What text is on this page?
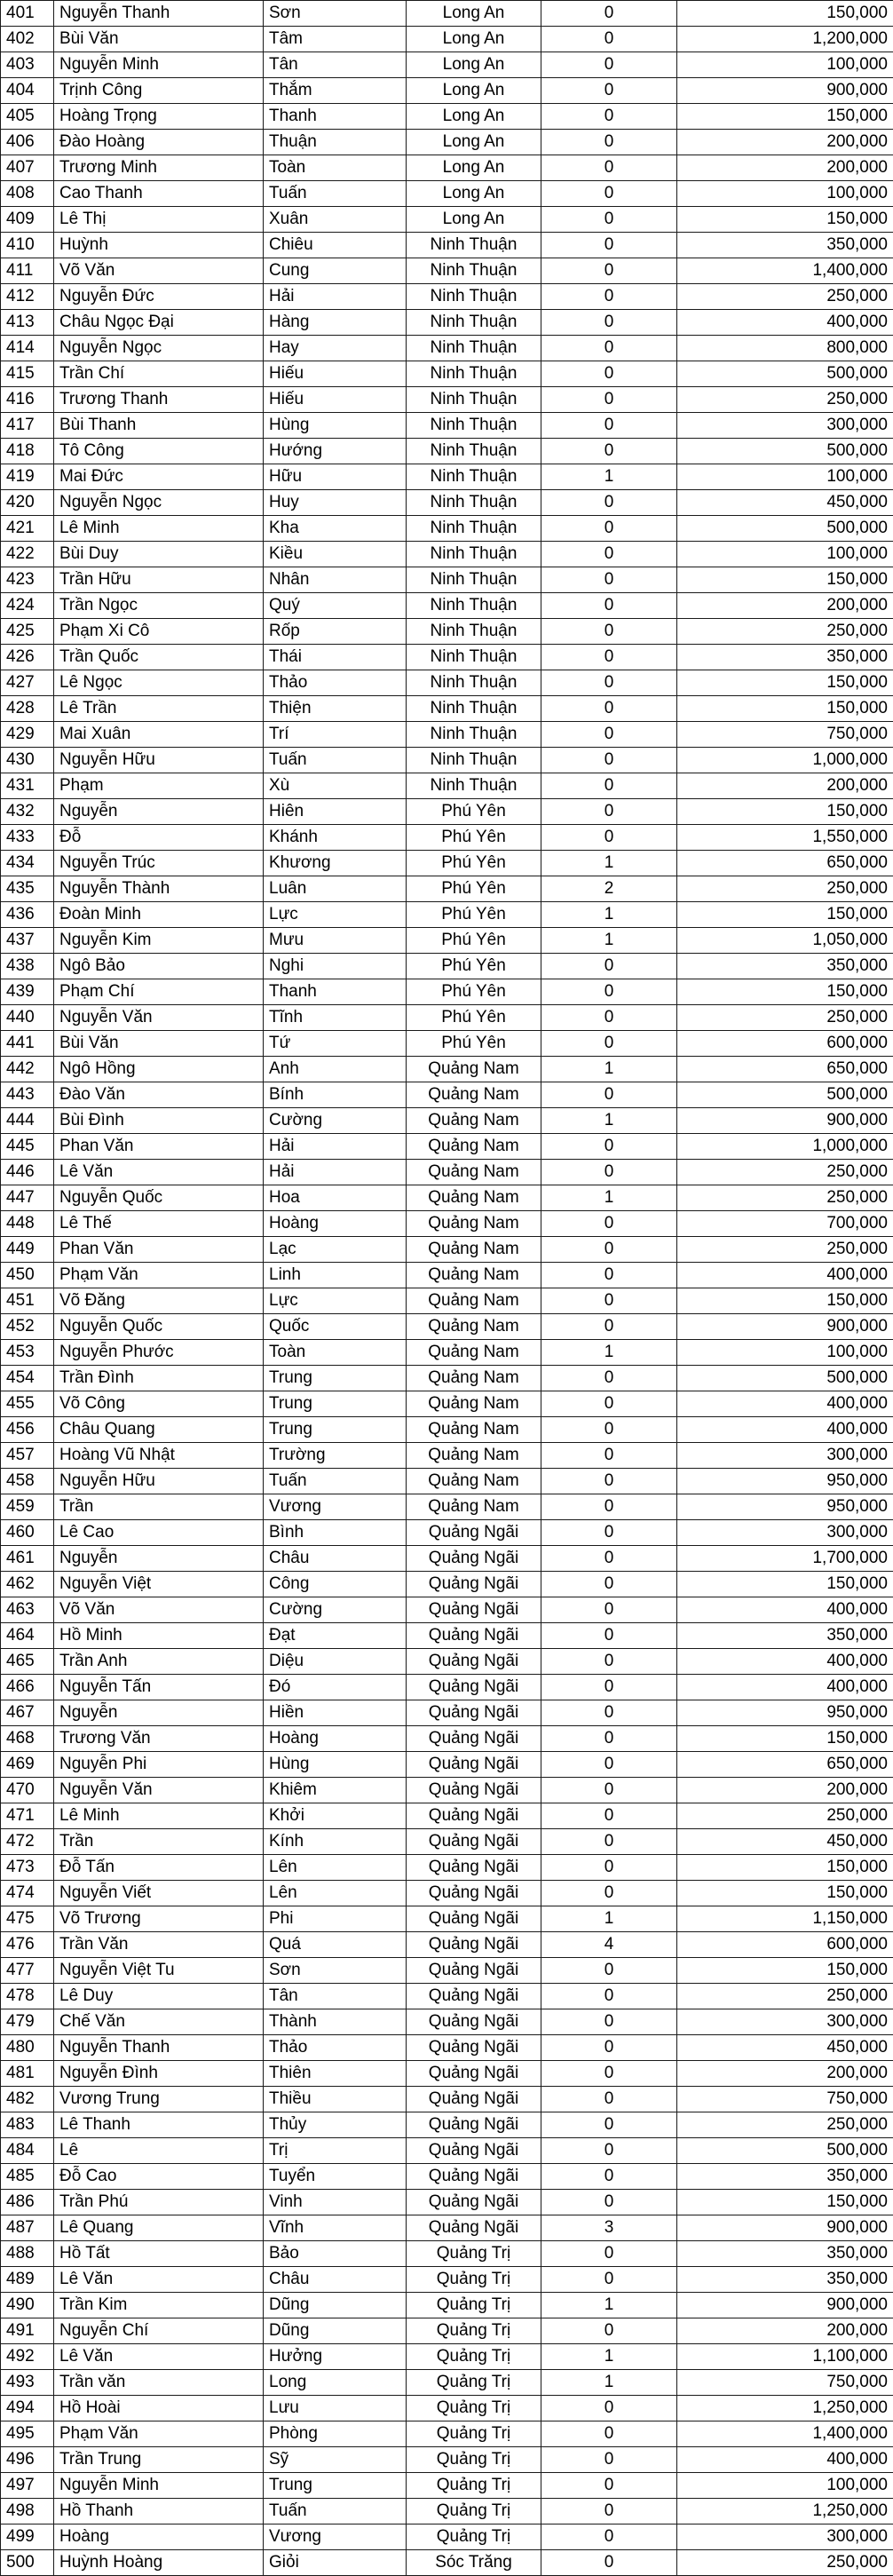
401	Nguyễn Thanh	Sơn	Long An	0	150,000
402	Bùi Văn	Tâm	Long An	0	1,200,000
403	Nguyễn Minh	Tân	Long An	0	100,000
404	Trịnh Công	Thắm	Long An	0	900,000
405	Hoàng Trọng	Thanh	Long An	0	150,000
406	Đào Hoàng	Thuận	Long An	0	200,000
407	Trương Minh	Toàn	Long An	0	200,000
408	Cao Thanh	Tuấn	Long An	0	100,000
409	Lê Thị	Xuân	Long An	0	150,000
410	Huỳnh	Chiêu	Ninh Thuận	0	350,000
411	Võ Văn	Cung	Ninh Thuận	0	1,400,000
412	Nguyễn Đức	Hải	Ninh Thuận	0	250,000
413	Châu Ngọc Đại	Hàng	Ninh Thuận	0	400,000
414	Nguyễn Ngọc	Hay	Ninh Thuận	0	800,000
415	Trần Chí	Hiếu	Ninh Thuận	0	500,000
416	Trương Thanh	Hiếu	Ninh Thuận	0	250,000
417	Bùi Thanh	Hùng	Ninh Thuận	0	300,000
418	Tô Công	Hướng	Ninh Thuận	0	500,000
419	Mai Đức	Hữu	Ninh Thuận	1	100,000
420	Nguyễn Ngọc	Huy	Ninh Thuận	0	450,000
421	Lê Minh	Kha	Ninh Thuận	0	500,000
422	Bùi Duy	Kiều	Ninh Thuận	0	100,000
423	Trần Hữu	Nhân	Ninh Thuận	0	150,000
424	Trần Ngọc	Quý	Ninh Thuận	0	200,000
425	Phạm Xi Cô	Rốp	Ninh Thuận	0	250,000
426	Trần Quốc	Thái	Ninh Thuận	0	350,000
427	Lê Ngọc	Thảo	Ninh Thuận	0	150,000
428	Lê Trần	Thiện	Ninh Thuận	0	150,000
429	Mai Xuân	Trí	Ninh Thuận	0	750,000
430	Nguyễn Hữu	Tuấn	Ninh Thuận	0	1,000,000
431	Phạm	Xù	Ninh Thuận	0	200,000
432	Nguyễn	Hiên	Phú Yên	0	150,000
433	Đỗ	Khánh	Phú Yên	0	1,550,000
434	Nguyễn Trúc	Khương	Phú Yên	1	650,000
435	Nguyễn Thành	Luân	Phú Yên	2	250,000
436	Đoàn Minh	Lực	Phú Yên	1	150,000
437	Nguyễn Kim	Mưu	Phú Yên	1	1,050,000
438	Ngô Bảo	Nghi	Phú Yên	0	350,000
439	Phạm Chí	Thanh	Phú Yên	0	150,000
440	Nguyễn Văn	Tĩnh	Phú Yên	0	250,000
441	Bùi Văn	Tứ	Phú Yên	0	600,000
442	Ngô Hồng	Anh	Quảng Nam	1	650,000
443	Đào Văn	Bính	Quảng Nam	0	500,000
444	Bùi Đình	Cường	Quảng Nam	1	900,000
445	Phan Văn	Hải	Quảng Nam	0	1,000,000
446	Lê Văn	Hải	Quảng Nam	0	250,000
447	Nguyễn Quốc	Hoa	Quảng Nam	1	250,000
448	Lê Thế	Hoàng	Quảng Nam	0	700,000
449	Phan Văn	Lạc	Quảng Nam	0	250,000
450	Phạm Văn	Linh	Quảng Nam	0	400,000
451	Võ Đăng	Lực	Quảng Nam	0	150,000
452	Nguyễn Quốc	Quốc	Quảng Nam	0	900,000
453	Nguyễn Phước	Toàn	Quảng Nam	1	100,000
454	Trần Đình	Trung	Quảng Nam	0	500,000
455	Võ Công	Trung	Quảng Nam	0	400,000
456	Châu Quang	Trung	Quảng Nam	0	400,000
457	Hoàng Vũ Nhật	Trường	Quảng Nam	0	300,000
458	Nguyễn Hữu	Tuấn	Quảng Nam	0	950,000
459	Trần	Vương	Quảng Nam	0	950,000
460	Lê Cao	Bình	Quảng Ngãi	0	300,000
461	Nguyễn	Châu	Quảng Ngãi	0	1,700,000
462	Nguyễn Việt	Công	Quảng Ngãi	0	150,000
463	Võ Văn	Cường	Quảng Ngãi	0	400,000
464	Hồ Minh	Đạt	Quảng Ngãi	0	350,000
465	Trần Anh	Diệu	Quảng Ngãi	0	400,000
466	Nguyễn Tấn	Đó	Quảng Ngãi	0	400,000
467	Nguyễn	Hiền	Quảng Ngãi	0	950,000
468	Trương Văn	Hoàng	Quảng Ngãi	0	150,000
469	Nguyễn Phi	Hùng	Quảng Ngãi	0	650,000
470	Nguyễn Văn	Khiêm	Quảng Ngãi	0	200,000
471	Lê Minh	Khởi	Quảng Ngãi	0	250,000
472	Trần	Kính	Quảng Ngãi	0	450,000
473	Đỗ Tấn	Lên	Quảng Ngãi	0	150,000
474	Nguyễn Viết	Lên	Quảng Ngãi	0	150,000
475	Võ Trương	Phi	Quảng Ngãi	1	1,150,000
476	Trần Văn	Quá	Quảng Ngãi	4	600,000
477	Nguyễn Việt Tu	Sơn	Quảng Ngãi	0	150,000
478	Lê Duy	Tân	Quảng Ngãi	0	250,000
479	Chế Văn	Thành	Quảng Ngãi	0	300,000
480	Nguyễn Thanh	Thảo	Quảng Ngãi	0	450,000
481	Nguyễn Đình	Thiên	Quảng Ngãi	0	200,000
482	Vương Trung	Thiều	Quảng Ngãi	0	750,000
483	Lê Thanh	Thủy	Quảng Ngãi	0	250,000
484	Lê	Trị	Quảng Ngãi	0	500,000
485	Đỗ Cao	Tuyển	Quảng Ngãi	0	350,000
486	Trần Phú	Vinh	Quảng Ngãi	0	150,000
487	Lê Quang	Vĩnh	Quảng Ngãi	3	900,000
488	Hồ Tất	Bảo	Quảng Trị	0	350,000
489	Lê Văn	Châu	Quảng Trị	0	350,000
490	Trần Kim	Dũng	Quảng Trị	1	900,000
491	Nguyễn Chí	Dũng	Quảng Trị	0	200,000
492	Lê Văn	Hưởng	Quảng Trị	1	1,100,000
493	Trần văn	Long	Quảng Trị	1	750,000
494	Hồ Hoài	Lưu	Quảng Trị	0	1,250,000
495	Phạm Văn	Phòng	Quảng Trị	0	1,400,000
496	Trần Trung	Sỹ	Quảng Trị	0	400,000
497	Nguyễn Minh	Trung	Quảng Trị	0	100,000
498	Hồ Thanh	Tuấn	Quảng Trị	0	1,250,000
499	Hoàng	Vương	Quảng Trị	0	300,000
500	Huỳnh Hoàng	Giỏi	Sóc Trăng	0	250,000
